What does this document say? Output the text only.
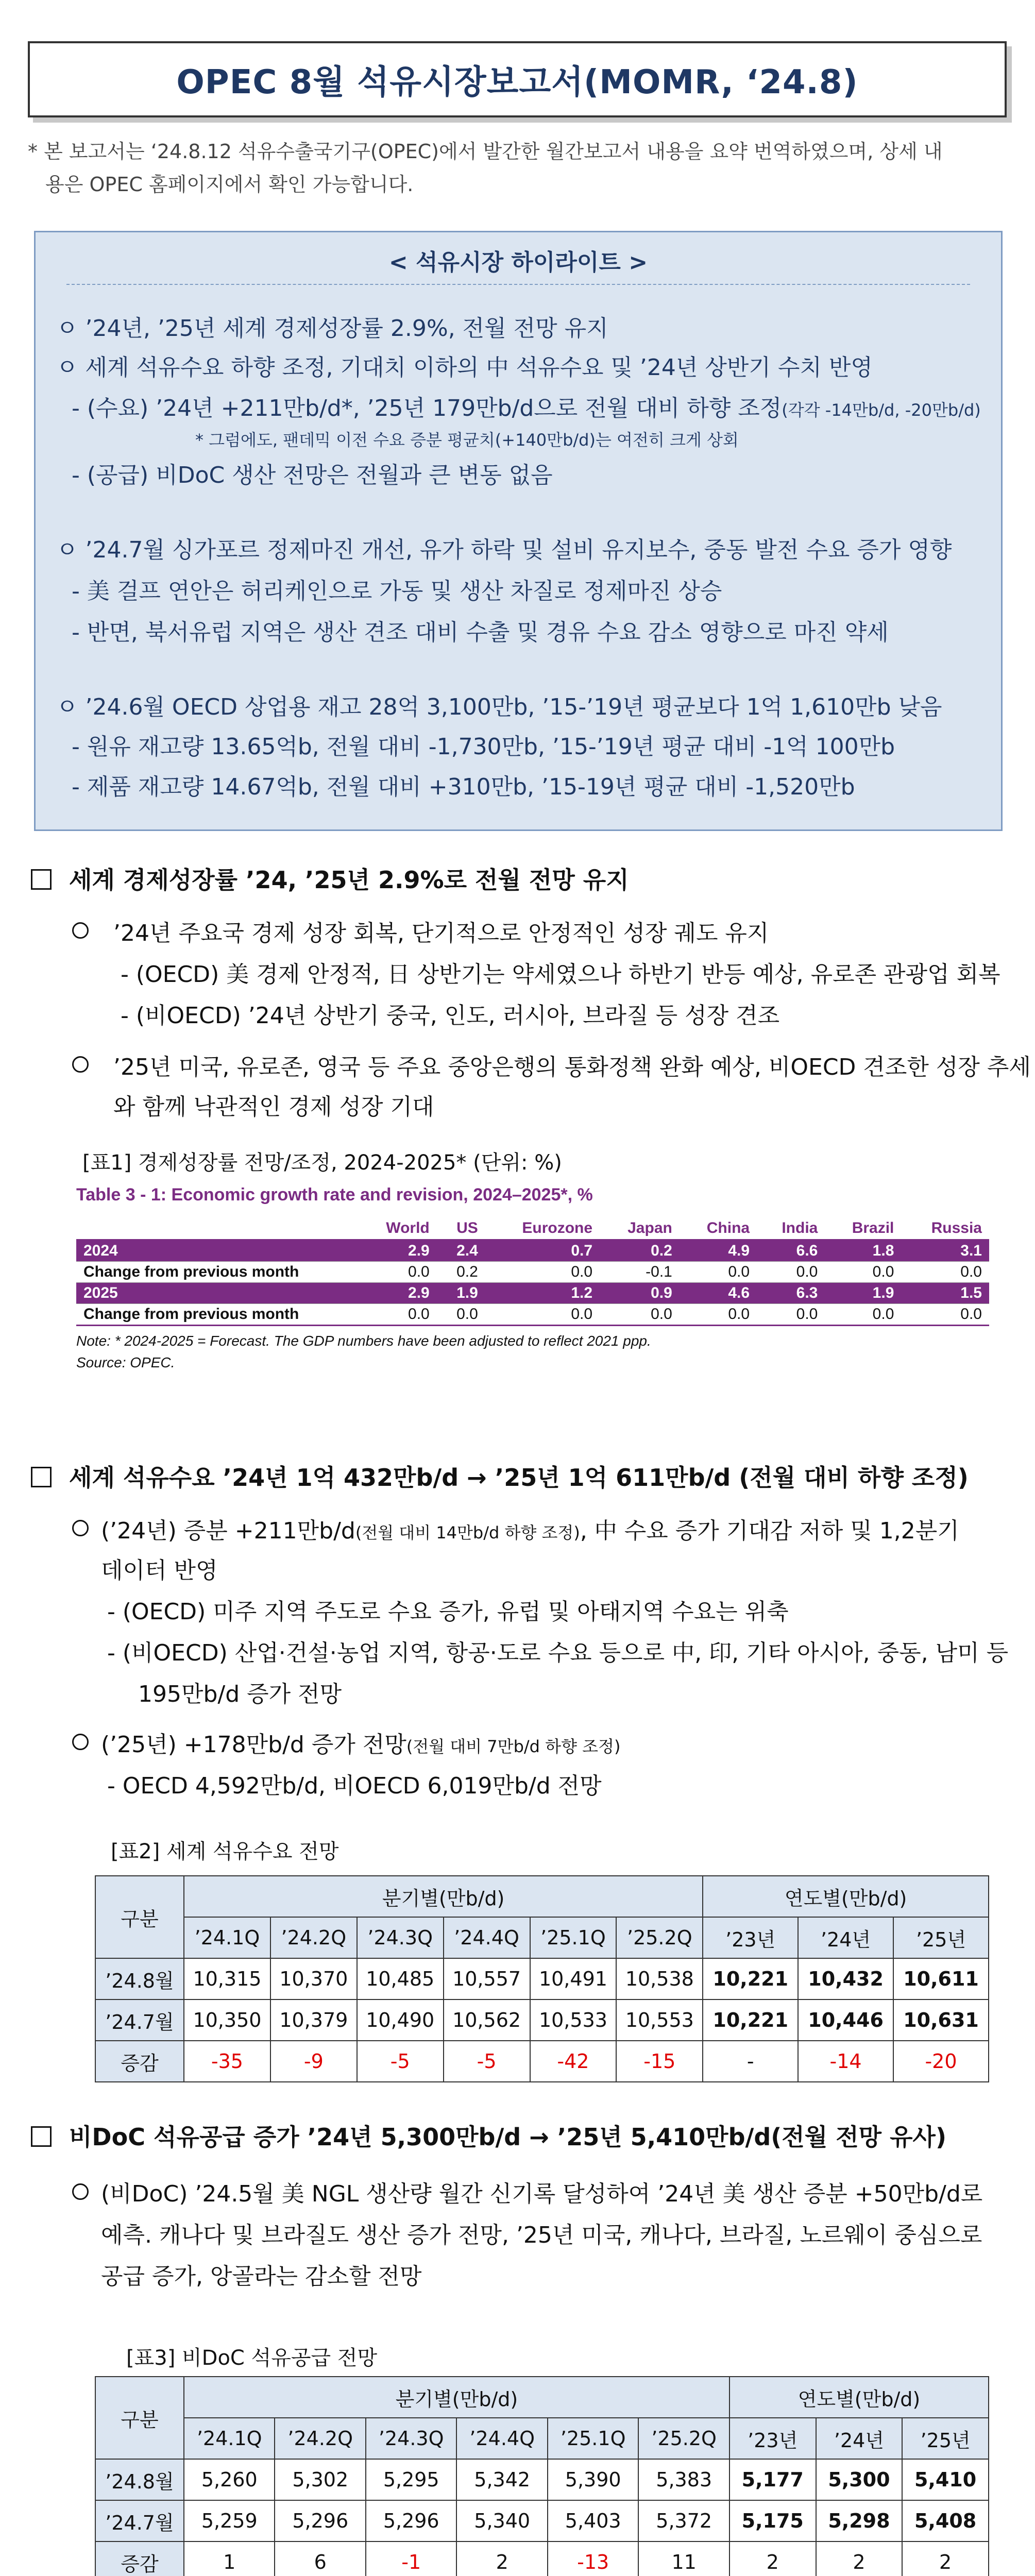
OPEC 8월 석유시장보고서(MOMR, ‘24.8)
* 본 보고서는 ‘24.8.12 석유수출국기구(OPEC)에서 발간한 월간보고서 내용을 요약 번역하였으며, 상세 내
용은 OPEC 홈페이지에서 확인 가능합니다.
< 석유시장 하이라이트 >
ㅇ ’24년, ’25년 세계 경제성장률 2.9%, 전월 전망 유지
ㅇ 세계 석유수요 하향 조정, 기대치 이하의 中 석유수요 및 ’24년 상반기 수치 반영
- (수요) ’24년 +211만b/d*, ’25년 179만b/d으로 전월 대비 하향 조정(각각 -14만b/d, -20만b/d)
* 그럼에도, 팬데믹 이전 수요 증분 평균치(+140만b/d)는 여전히 크게 상회
- (공급) 비DoC 생산 전망은 전월과 큰 변동 없음
ㅇ ’24.7월 싱가포르 정제마진 개선, 유가 하락 및 설비 유지보수, 중동 발전 수요 증가 영향
- 美 걸프 연안은 허리케인으로 가동 및 생산 차질로 정제마진 상승
- 반면, 북서유럽 지역은 생산 견조 대비 수출 및 경유 수요 감소 영향으로 마진 약세
ㅇ ’24.6월 OECD 상업용 재고 28억 3,100만b, ’15-’19년 평균보다 1억 1,610만b 낮음
- 원유 재고량 13.65억b, 전월 대비 -1,730만b, ’15-’19년 평균 대비 -1억 100만b
- 제품 재고량 14.67억b, 전월 대비 +310만b, ’15-19년 평균 대비 -1,520만b
세계 경제성장률 ’24, ’25년 2.9%로 전월 전망 유지
’24년 주요국 경제 성장 회복, 단기적으로 안정적인 성장 궤도 유지
- (OECD) 美 경제 안정적, 日 상반기는 약세였으나 하반기 반등 예상, 유로존 관광업 회복
- (비OECD) ’24년 상반기 중국, 인도, 러시아, 브라질 등 성장 견조
’25년 미국, 유로존, 영국 등 주요 중앙은행의 통화정책 완화 예상, 비OECD 견조한 성장 추세
와 함께 낙관적인 경제 성장 기대
[표1] 경제성장률 전망/조정, 2024-2025* (단위: %)
Table 3 - 1: Economic growth rate and revision, 2024–2025*, %
	World	US	Eurozone	Japan	China	India	Brazil	Russia
2024	2.9	2.4	0.7	0.2	4.9	6.6	1.8	3.1
Change from previous month	0.0	0.2	0.0	-0.1	0.0	0.0	0.0	0.0
2025	2.9	1.9	1.2	0.9	4.6	6.3	1.9	1.5
Change from previous month	0.0	0.0	0.0	0.0	0.0	0.0	0.0	0.0
Note: * 2024-2025 = Forecast. The GDP numbers have been adjusted to reflect 2021 ppp.
Source: OPEC.
세계 석유수요 ’24년 1억 432만b/d → ’25년 1억 611만b/d (전월 대비 하향 조정)
(’24년) 증분 +211만b/d(전월 대비 14만b/d 하향 조정), 中 수요 증가 기대감 저하 및 1,2분기
데이터 반영
- (OECD) 미주 지역 주도로 수요 증가, 유럽 및 아태지역 수요는 위축
- (비OECD) 산업·건설·농업 지역, 항공·도로 수요 등으로 中, 印, 기타 아시아, 중동, 남미 등
195만b/d 증가 전망
(’25년) +178만b/d 증가 전망(전월 대비 7만b/d 하향 조정)
- OECD 4,592만b/d, 비OECD 6,019만b/d 전망
[표2] 세계 석유수요 전망
구분	분기별(만b/d)						연도별(만b/d)		
	’24.1Q	’24.2Q	’24.3Q	’24.4Q	’25.1Q	’25.2Q	’23년	’24년	’25년
’24.8월	10,315	10,370	10,485	10,557	10,491	10,538	10,221	10,432	10,611
’24.7월	10,350	10,379	10,490	10,562	10,533	10,553	10,221	10,446	10,631
증감	-35	-9	-5	-5	-42	-15	-	-14	-20
비DoC 석유공급 증가 ’24년 5,300만b/d → ’25년 5,410만b/d(전월 전망 유사)
(비DoC) ’24.5월 美 NGL 생산량 월간 신기록 달성하여 ’24년 美 생산 증분 +50만b/d로
예측. 캐나다 및 브라질도 생산 증가 전망, ’25년 미국, 캐나다, 브라질, 노르웨이 중심으로
공급 증가, 앙골라는 감소할 전망
[표3] 비DoC 석유공급 전망
구분	분기별(만b/d)						연도별(만b/d)		
	’24.1Q	’24.2Q	’24.3Q	’24.4Q	’25.1Q	’25.2Q	’23년	’24년	’25년
’24.8월	5,260	5,302	5,295	5,342	5,390	5,383	5,177	5,300	5,410
’24.7월	5,259	5,296	5,296	5,340	5,403	5,372	5,175	5,298	5,408
증감	1	6	-1	2	-13	11	2	2	2
